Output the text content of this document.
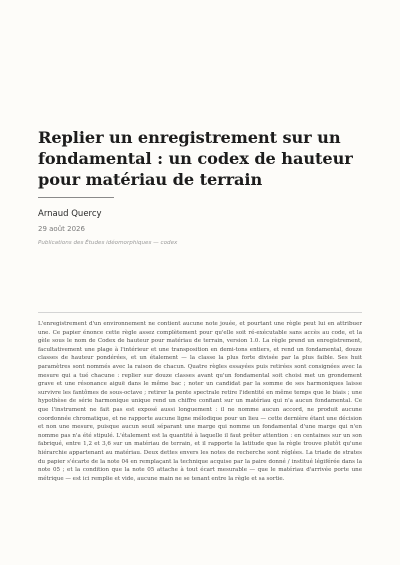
Replier un enregistrement sur un fondamental : un codex de hauteur pour matériau de terrain
Arnaud Quercy
29 août 2026
Publications des Études idéomorphiques — codex

L'enregistrement d'un environnement ne contient aucune note jouée, et pourtant une règle peut lui en attribuer une. Ce papier énonce cette règle assez complètement pour qu'elle soit ré-exécutable sans accès au code, et la gèle sous le nom de Codex de hauteur pour matériau de terrain, version 1.0. La règle prend un enregistrement, facultativement une plage à l'intérieur et une transposition en demi-tons entiers, et rend un fondamental, douze classes de hauteur pondérées, et un étalement — la classe la plus forte divisée par la plus faible. Ses huit paramètres sont nommés avec la raison de chacun. Quatre règles essayées puis retirées sont consignées avec la mesure qui a tué chacune : replier sur douze classes avant qu'un fondamental soit choisi met un grondement grave et une résonance aiguë dans le même bac ; noter un candidat par la somme de ses harmoniques laisse survivre les fantômes de sous-octave ; retirer la pente spectrale retire l'identité en même temps que le biais ; une hypothèse de série harmonique unique rend un chiffre confiant sur un matériau qui n'a aucun fondamental. Ce que l'instrument ne fait pas est exposé aussi longuement : il ne nomme aucun accord, ne produit aucune coordonnée chromatique, et ne rapporte aucune ligne mélodique pour un lieu — cette dernière étant une décision et non une mesure, puisque aucun seuil séparant une marge qui nomme un fondamental d'une marge qui n'en nomme pas n'a été stipulé. L'étalement est la quantité à laquelle il faut prêter attention : en centaines sur un son fabriqué, entre 1,2 et 3,6 sur un matériau de terrain, et il rapporte la latitude que la règle trouve plutôt qu'une hiérarchie appartenant au matériau. Deux dettes envers les notes de recherche sont réglées. La triade de strates du papier s'écarte de la note 04 en remplaçant la technique acquise par la paire donné / institué légiférée dans la note 05 ; et la condition que la note 05 attache à tout écart mesurable — que le matériau d'arrivée porte une métrique — est ici remplie et vide, aucune main ne se tenant entre la règle et sa sortie.
